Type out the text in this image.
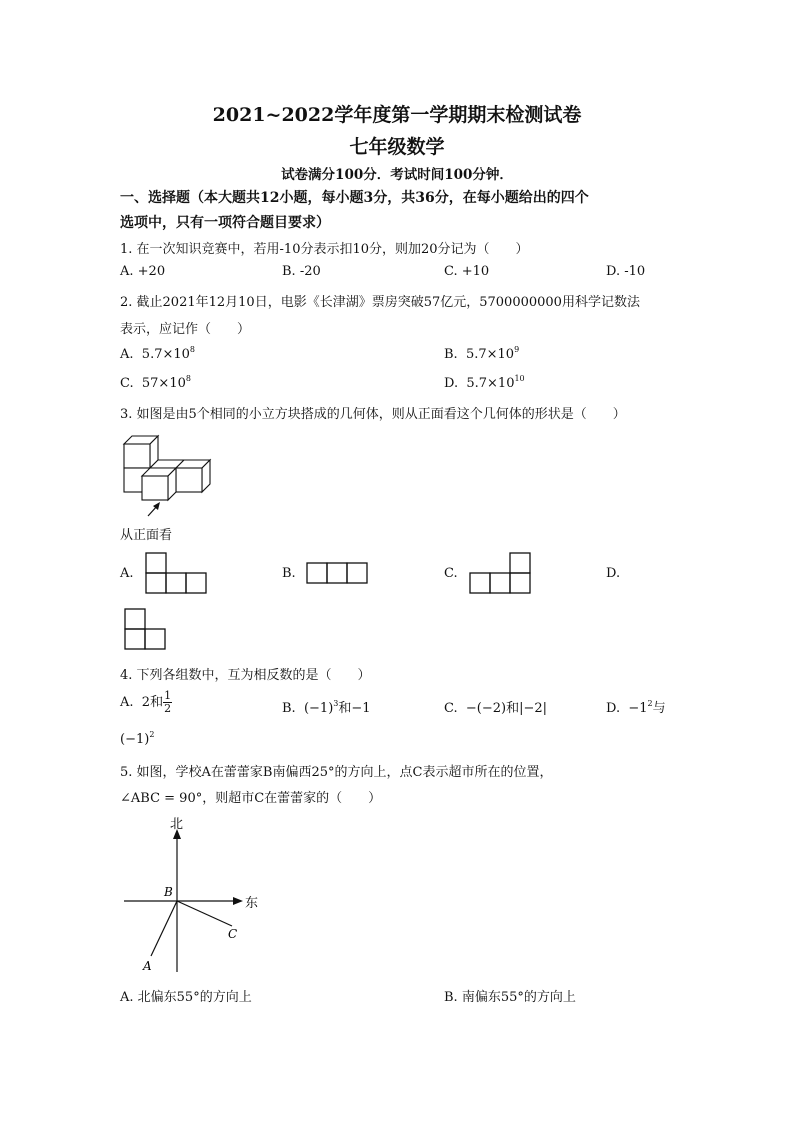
2021~2022学年度第一学期期末检测试卷
七年级数学
试卷满分100分．考试时间100分钟．
一、选择题（本大题共12小题，每小题3分，共36分，在每小题给出的四个
选项中，只有一项符合题目要求）
1. 在一次知识竞赛中，若用-10分表示扣10分，则加20分记为（　　）
A. +20	B. -20	C. +10	D. -10
2. 截止2021年12月10日，电影《长津湖》票房突破57亿元，5700000000用科学记数法
表示，应记作（　　）
A. $5.7\times 10^8$	B. $5.7\times 10^9$
C. $57\times 10^8$	D. $5.7\times 10^{10}$
3. 如图是由5个相同的小立方块搭成的几何体，则从正面看这个几何体的形状是（　　）
从正面看
A.	B.	C.	D.
4. 下列各组数中，互为相反数的是（　　）
A. 2和 $\frac{1}{2}$	B. $(-1)^3$和−1	C. −(−2)和|−2|	D. $-1^2$与
$(-1)^2$
5. 如图，学校A在蕾蕾家B南偏西25°的方向上，点C表示超市所在的位置，
∠ABC = 90°，则超市C在蕾蕾家的（　　）
北
东
B
A
C
A. 北偏东55°的方向上	B. 南偏东55°的方向上
